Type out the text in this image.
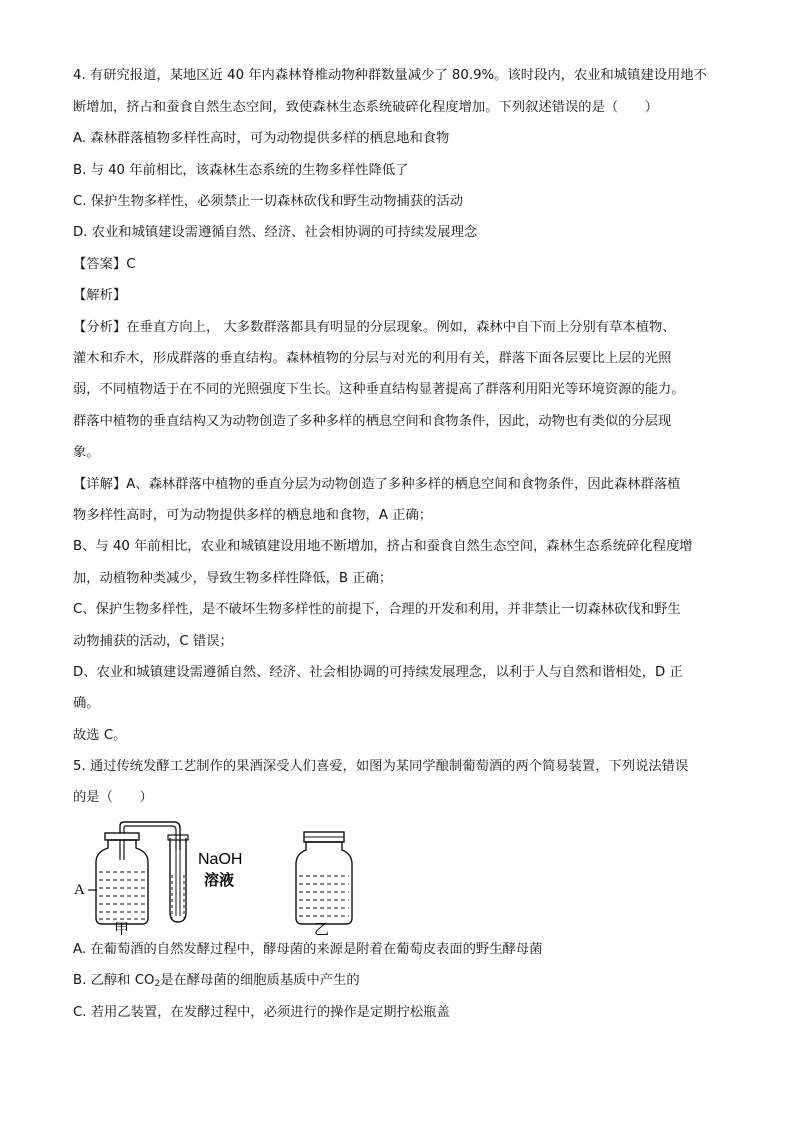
4. 有研究报道，某地区近 40 年内森林脊椎动物种群数量减少了 80.9%。该时段内，农业和城镇建设用地不
断增加，挤占和蚕食自然生态空间，致使森林生态系统破碎化程度增加。下列叙述错误的是（　　）
A. 森林群落植物多样性高时，可为动物提供多样的栖息地和食物
B. 与 40 年前相比，该森林生态系统的生物多样性降低了
C. 保护生物多样性，必须禁止一切森林砍伐和野生动物捕获的活动
D. 农业和城镇建设需遵循自然、经济、社会相协调的可持续发展理念
【答案】C
【解析】
【分析】在垂直方向上， 大多数群落都具有明显的分层现象。例如，森林中自下而上分别有草本植物、
灌木和乔木，形成群落的垂直结构。森林植物的分层与对光的利用有关，群落下面各层要比上层的光照
弱，不同植物适于在不同的光照强度下生长。这种垂直结构显著提高了群落利用阳光等环境资源的能力。
群落中植物的垂直结构又为动物创造了多种多样的栖息空间和食物条件，因此，动物也有类似的分层现
象。
【详解】A、森林群落中植物的垂直分层为动物创造了多种多样的栖息空间和食物条件，因此森林群落植
物多样性高时，可为动物提供多样的栖息地和食物，A 正确；
B、与 40 年前相比，农业和城镇建设用地不断增加，挤占和蚕食自然生态空间，森林生态系统碎化程度增
加，动植物种类减少，导致生物多样性降低，B 正确；
C、保护生物多样性，是不破坏生物多样性的前提下，合理的开发和利用，并非禁止一切森林砍伐和野生
动物捕获的活动，C 错误；
D、农业和城镇建设需遵循自然、经济、社会相协调的可持续发展理念，以利于人与自然和谐相处，D 正
确。
故选 C。
5. 通过传统发酵工艺制作的果酒深受人们喜爱，如图为某同学酿制葡萄酒的两个简易装置，下列说法错误
的是（　　）
A
NaOH
溶液
甲	乙
A. 在葡萄酒的自然发酵过程中，酵母菌的来源是附着在葡萄皮表面的野生酵母菌
B. 乙醇和 $CO_2$是在酵母菌的细胞质基质中产生的
C. 若用乙装置，在发酵过程中，必须进行的操作是定期拧松瓶盖
